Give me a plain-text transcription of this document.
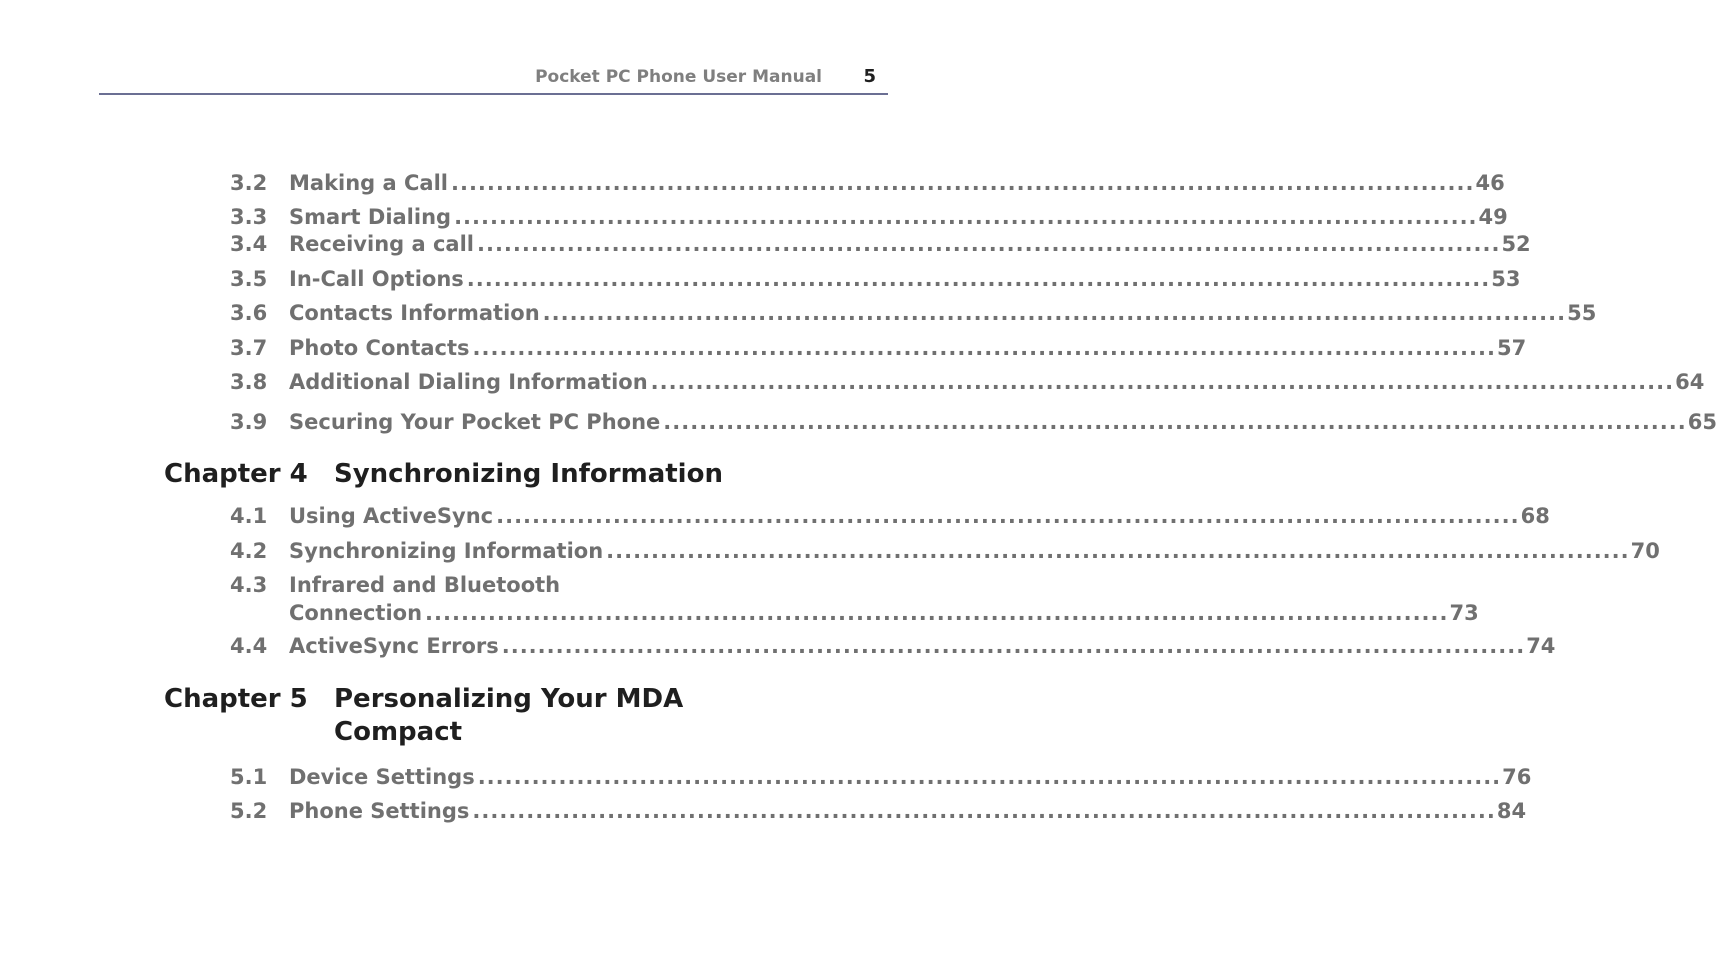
Pocket PC Phone User Manual 5
3.2 Making a Call .................................................................................................................. 46
3.3 Smart Dialing .................................................................................................................. 49
3.4 Receiving a call .................................................................................................................. 52
3.5 In-Call Options .................................................................................................................. 53
3.6 Contacts Information .................................................................................................................. 55
3.7 Photo Contacts .................................................................................................................. 57
3.8 Additional Dialing Information .................................................................................................................. 64
3.9 Securing Your Pocket PC Phone .................................................................................................................. 65
Chapter 4 Synchronizing Information
4.1 Using ActiveSync .................................................................................................................. 68
4.2 Synchronizing Information .................................................................................................................. 70
4.3 Infrared and Bluetooth
Connection .................................................................................................................. 73
4.4 ActiveSync Errors .................................................................................................................. 74
Chapter 5 Personalizing Your MDA Compact
5.1 Device Settings .................................................................................................................. 76
5.2 Phone Settings .................................................................................................................. 84
